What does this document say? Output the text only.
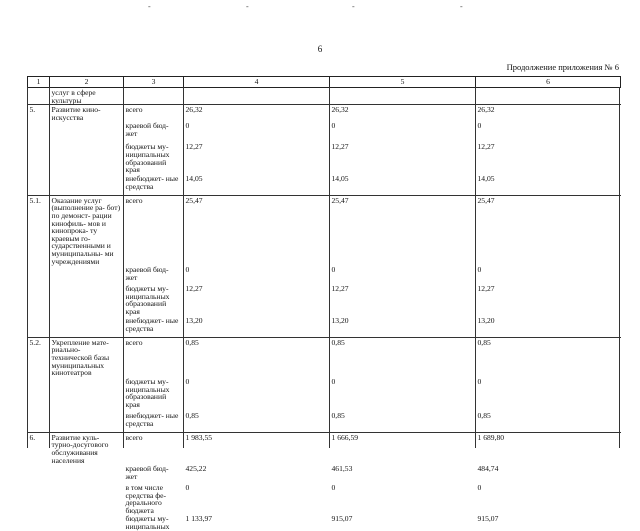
-	-	-	-
6
Продолжение приложения № 6
1	2	3	4	5	6
	услуг в сфере культуры				
5.	Развитие кино- искусства	всего	26,32	26,32	26,32
		краевой бюд- жет	0	0	0
		бюджеты му- ниципальных образований края	12,27	12,27	12,27
		внебюджет- ные средства	14,05	14,05	14,05
5.1.	Оказание услуг (выполнение ра- бот) по демонст- рации кинофиль- мов и кинопрока- ту краевым го- сударственными и муниципальны- ми учреждениями	всего	25,47	25,47	25,47
		краевой бюд- жет	0	0	0
		бюджеты му- ниципальных образований края	12,27	12,27	12,27
		внебюджет- ные средства	13,20	13,20	13,20
5.2.	Укрепление мате- риально- технической базы муниципальных кинотеатров	всего	0,85	0,85	0,85
		бюджеты му- ниципальных образований края	0	0	0
		внебюджет- ные средства	0,85	0,85	0,85
6.	Развитие куль- турно-досугового обслуживания населения	всего	1 983,55	1 666,59	1 689,80
		краевой бюд- жет	425,22	461,53	484,74
		в том числе средства фе- дерального бюджета	0	0	0
		бюджеты му- ниципальных	1 133,97	915,07	915,07
